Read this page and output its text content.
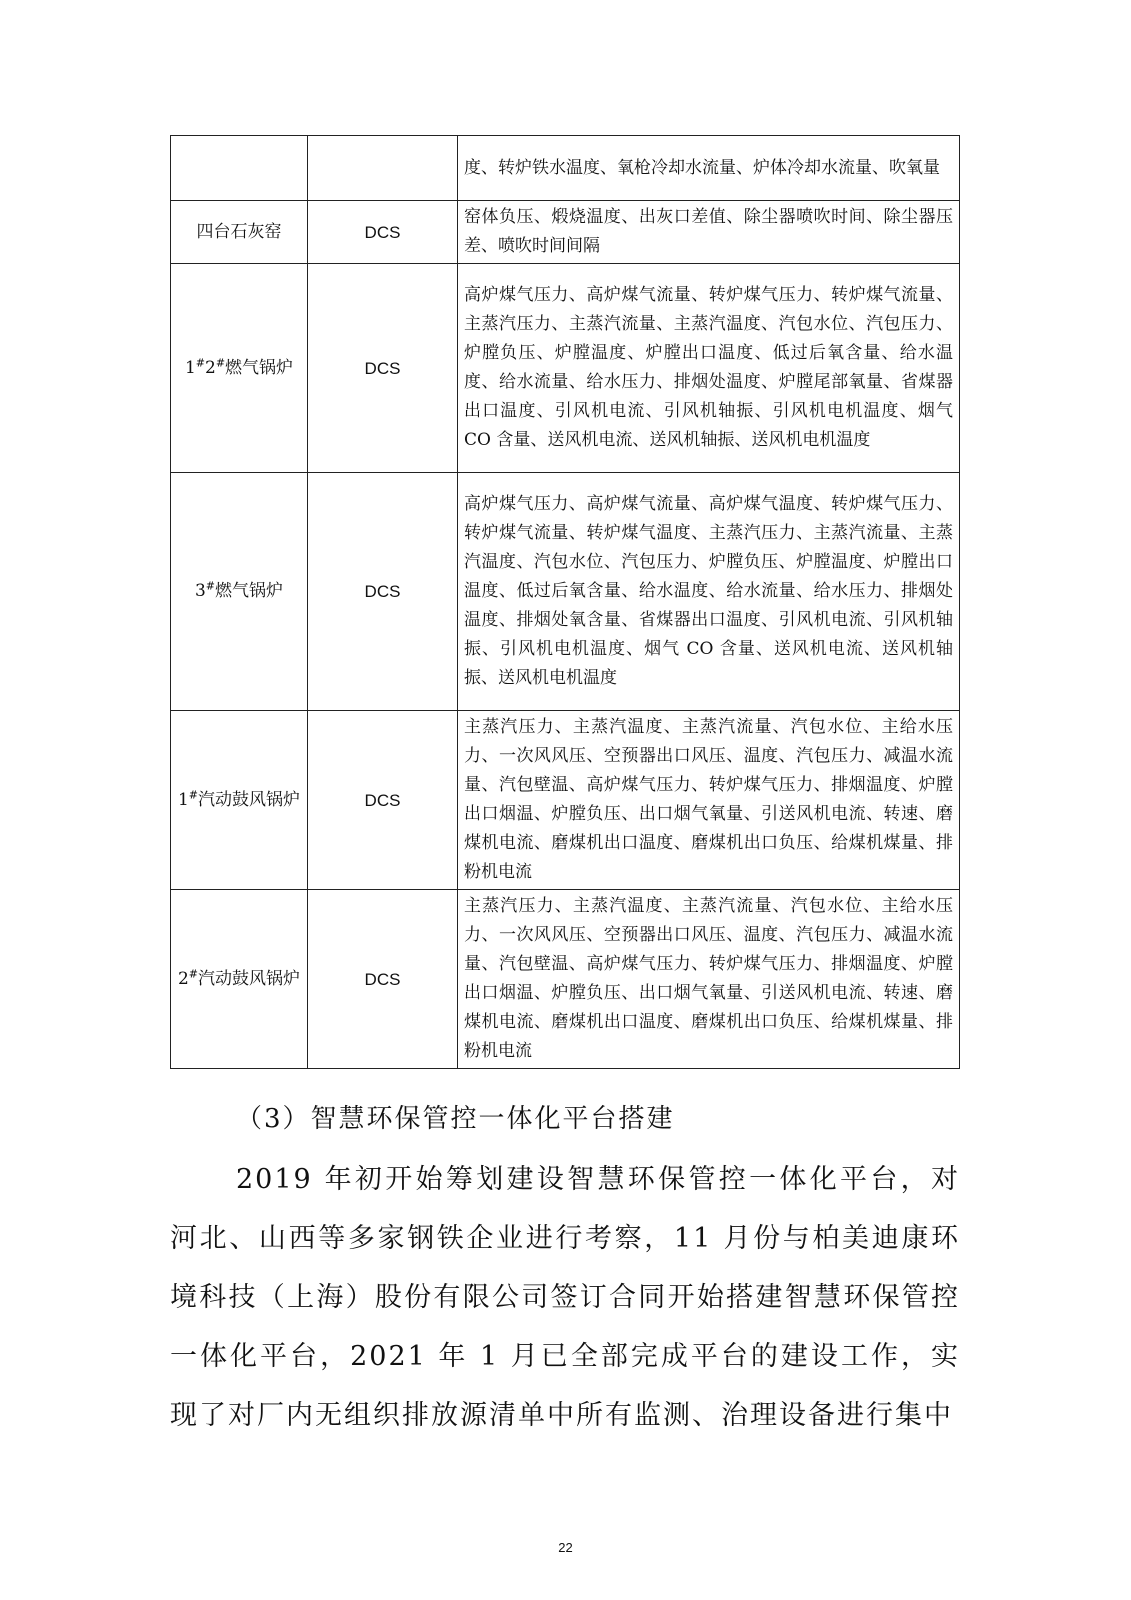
		度、转炉铁水温度、氧枪冷却水流量、炉体冷却水流量、吹氧量
四台石灰窑	DCS	窑体负压、煅烧温度、出灰口差值、除尘器喷吹时间、除尘器压差、喷吹时间间隔
1#2#燃气锅炉	DCS	高炉煤气压力、高炉煤气流量、转炉煤气压力、转炉煤气流量、主蒸汽压力、主蒸汽流量、主蒸汽温度、汽包水位、汽包压力、炉膛负压、炉膛温度、炉膛出口温度、低过后氧含量、给水温度、给水流量、给水压力、排烟处温度、炉膛尾部氧量、省煤器出口温度、引风机电流、引风机轴振、引风机电机温度、烟气 CO 含量、送风机电流、送风机轴振、送风机电机温度
3#燃气锅炉	DCS	高炉煤气压力、高炉煤气流量、高炉煤气温度、转炉煤气压力、转炉煤气流量、转炉煤气温度、主蒸汽压力、主蒸汽流量、主蒸汽温度、汽包水位、汽包压力、炉膛负压、炉膛温度、炉膛出口温度、低过后氧含量、给水温度、给水流量、给水压力、排烟处温度、排烟处氧含量、省煤器出口温度、引风机电流、引风机轴振、引风机电机温度、烟气 CO 含量、送风机电流、送风机轴振、送风机电机温度
1#汽动鼓风锅炉	DCS	主蒸汽压力、主蒸汽温度、主蒸汽流量、汽包水位、主给水压力、一次风风压、空预器出口风压、温度、汽包压力、减温水流量、汽包壁温、高炉煤气压力、转炉煤气压力、排烟温度、炉膛出口烟温、炉膛负压、出口烟气氧量、引送风机电流、转速、磨煤机电流、磨煤机出口温度、磨煤机出口负压、给煤机煤量、排粉机电流
2#汽动鼓风锅炉	DCS	主蒸汽压力、主蒸汽温度、主蒸汽流量、汽包水位、主给水压力、一次风风压、空预器出口风压、温度、汽包压力、减温水流量、汽包壁温、高炉煤气压力、转炉煤气压力、排烟温度、炉膛出口烟温、炉膛负压、出口烟气氧量、引送风机电流、转速、磨煤机电流、磨煤机出口温度、磨煤机出口负压、给煤机煤量、排粉机电流
（3）智慧环保管控一体化平台搭建

2019 年初开始筹划建设智慧环保管控一体化平台，对河北、山西等多家钢铁企业进行考察，11 月份与柏美迪康环境科技（上海）股份有限公司签订合同开始搭建智慧环保管控一体化平台，2021 年 1 月已全部完成平台的建设工作，实现了对厂内无组织排放源清单中所有监测、治理设备进行集中

22
